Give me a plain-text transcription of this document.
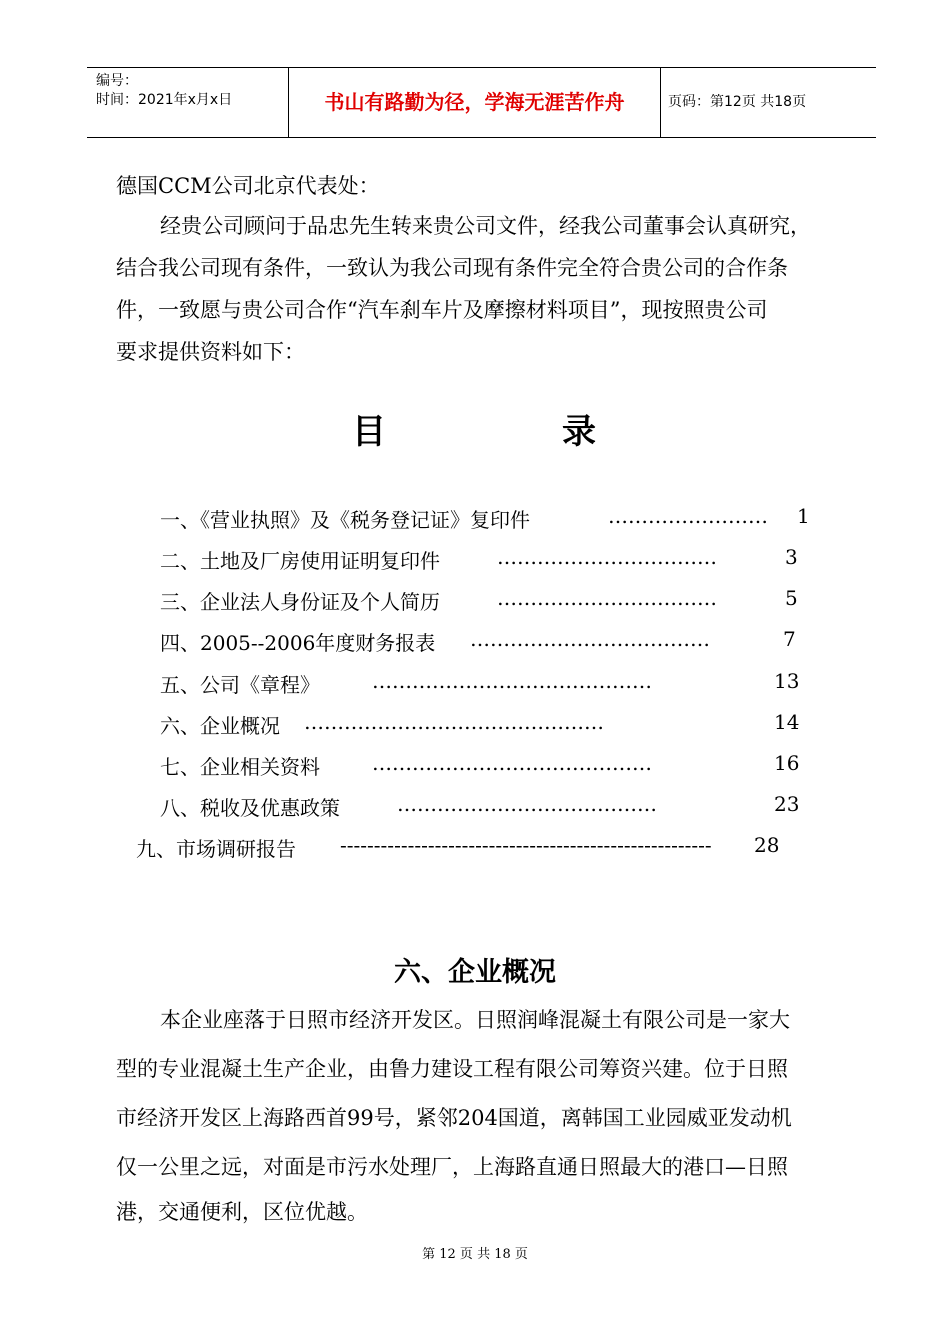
编号：
时间：2021年x月x日	书山有路勤为径，学海无涯苦作舟	页码：第12页 共18页
德国CCM公司北京代表处：
经贵公司顾问于品忠先生转来贵公司文件，经我公司董事会认真研究，
结合我公司现有条件，一致认为我公司现有条件完全符合贵公司的合作条
件，一致愿与贵公司合作“汽车刹车片及摩擦材料项目”，现按照贵公司
要求提供资料如下：
目	录
一、《营业执照》及《税务登记证》复印件	……………………	1
二、土地及厂房使用证明复印件	……………………………	3
三、企业法人身份证及个人简历	……………………………	5
四、2005--2006年度财务报表 ………………………………	7
五、公司《章程》	……………………………………	13
六、企业概况 ………………………………………	14
七、企业相关资料	……………………………………	16
八、税收及优惠政策	…………………………………	23
九、市场调研报告 -------------------------------------------------------	28
六、企业概况
本企业座落于日照市经济开发区。日照润峰混凝土有限公司是一家大
型的专业混凝土生产企业，由鲁力建设工程有限公司筹资兴建。位于日照
市经济开发区上海路西首99号，紧邻204国道，离韩国工业园威亚发动机
仅一公里之远，对面是市污水处理厂，上海路直通日照最大的港口—日照
港，交通便利，区位优越。
第 12 页 共 18 页
